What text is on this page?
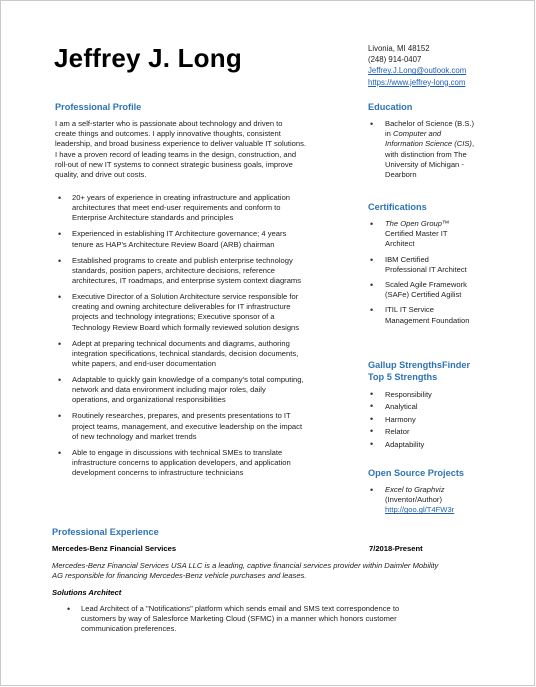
Jeffrey J. Long	Livonia, MI 48152
(248) 914-0407
Jeffrey.J.Long@outlook.com
https://www.jeffrey-long.com
Professional Profile
I am a self-starter who is passionate about technology and driven to
create things and outcomes. I apply innovative thoughts, consistent
leadership, and broad business experience to deliver valuable IT solutions.
I have a proven record of leading teams in the design, construction, and
roll-out of new IT systems to connect strategic business goals, improve
quality, and drive out costs.
• 20+ years of experience in creating infrastructure and application
architectures that meet end-user requirements and conform to
Enterprise Architecture standards and principles
• Experienced in establishing IT Architecture governance; 4 years
tenure as HAP’s Architecture Review Board (ARB) chairman
• Established programs to create and publish enterprise technology
standards, position papers, architecture decisions, reference
architectures, IT roadmaps, and enterprise system context diagrams
• Executive Director of a Solution Architecture service responsible for
creating and owning architecture deliverables for IT infrastructure
projects and technology integrations; Executive sponsor of a
Technology Review Board which formally reviewed solution designs
• Adept at preparing technical documents and diagrams, authoring
integration specifications, technical standards, decision documents,
white papers, and end-user documentation
• Adaptable to quickly gain knowledge of a company’s total computing,
network and data environment including major roles, daily
operations, and organizational responsibilities
• Routinely researches, prepares, and presents presentations to IT
project teams, management, and executive leadership on the impact
of new technology and market trends
• Able to engage in discussions with technical SMEs to translate
infrastructure concerns to application developers, and application
development concerns to infrastructure technicians
Education
• Bachelor of Science (B.S.)
in Computer and
Information Science (CIS),
with distinction from The
University of Michigan -
Dearborn
Certifications
• The Open Group™
Certified Master IT
Architect
• IBM Certified
Professional IT Architect
• Scaled Agile Framework
(SAFe) Certified Agilist
• ITIL IT Service
Management Foundation
Gallup StrengthsFinder
Top 5 Strengths
• Responsibility
• Analytical
• Harmony
• Relator
• Adaptability
Open Source Projects
• Excel to Graphviz
(Inventor/Author)
http://goo.gl/T4FW3r
Professional Experience
Mercedes-Benz Financial Services	7/2018-Present
Mercedes-Benz Financial Services USA LLC is a leading, captive financial services provider within Daimler Mobility
AG responsible for financing Mercedes-Benz vehicle purchases and leases.
Solutions Architect
• Lead Architect of a "Notifications" platform which sends email and SMS text correspondence to
customers by way of Salesforce Marketing Cloud (SFMC) in a manner which honors customer
communication preferences.
